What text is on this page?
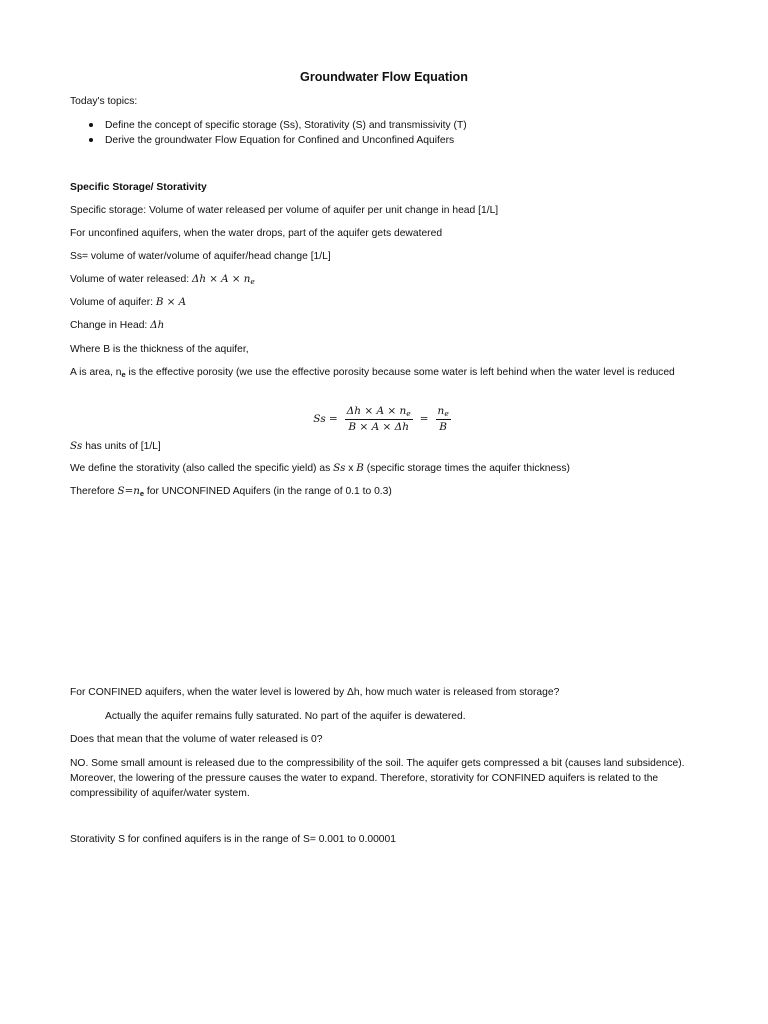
Groundwater Flow Equation
Today's topics:
Define the concept of specific storage (Ss), Storativity (S) and transmissivity (T)
Derive the groundwater Flow Equation for Confined and Unconfined Aquifers
Specific Storage/ Storativity
Specific storage: Volume of water released per volume of aquifer per unit change in head [1/L]
For unconfined aquifers, when the water drops, part of the aquifer gets dewatered
Ss= volume of water/volume of aquifer/head change [1/L]
Volume of water released: $\Delta h \times A \times n_e$
Volume of aquifer: B × A
Change in Head: Δh
Where B is the thickness of the aquifer,
A is area, $n_e$ is the effective porosity (we use the effective porosity because some water is left behind when the water level is reduced
$Ss = \frac{\Delta h \times A \times n_e}{B \times A \times \Delta h} = \frac{n_e}{B}$
Ss has units of [1/L]
We define the storativity (also called the specific yield) as Ss x B (specific storage times the aquifer thickness)
Therefore $S=n_e$ for UNCONFINED Aquifers (in the range of 0.1 to 0.3)
For CONFINED aquifers, when the water level is lowered by Δh, how much water is released from storage?
Actually the aquifer remains fully saturated. No part of the aquifer is dewatered.
Does that mean that the volume of water released is 0?
NO. Some small amount is released due to the compressibility of the soil. The aquifer gets compressed a bit (causes land subsidence). Moreover, the lowering of the pressure causes the water to expand. Therefore, storativity for CONFINED aquifers is related to the compressibility of aquifer/water system.
Storativity S for confined aquifers is in the range of S= 0.001 to 0.00001
